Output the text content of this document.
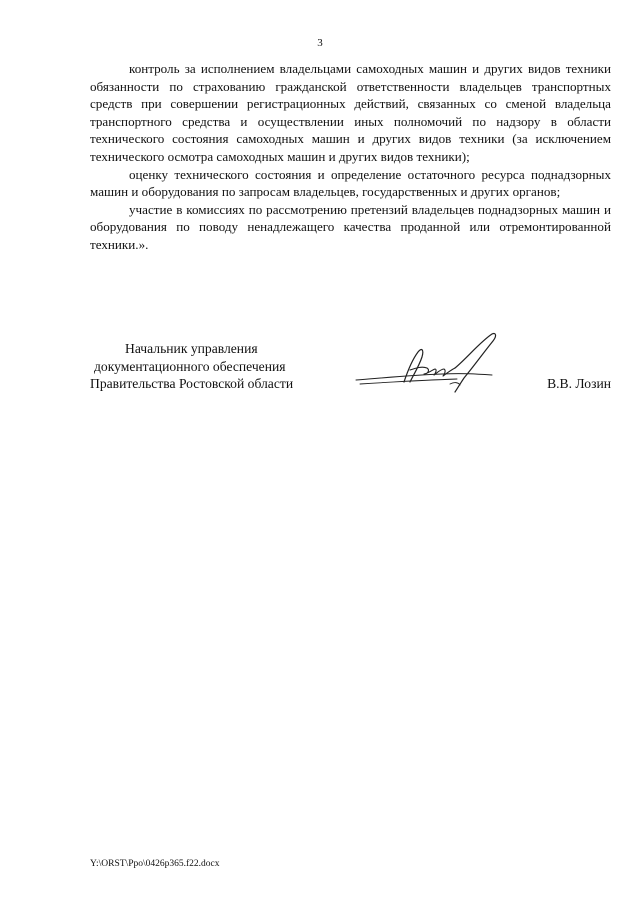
3

контроль за исполнением владельцами самоходных машин и других видов техники обязанности по страхованию гражданской ответственности владельцев транспортных средств при совершении регистрационных действий, связанных со сменой владельца транспортного средства и осуществлении иных полномочий по надзору в области технического состояния самоходных машин и других видов техники (за исключением технического осмотра самоходных машин и других видов техники);

оценку технического состояния и определение остаточного ресурса поднадзорных машин и оборудования по запросам владельцев, государственных и других органов;

участие в комиссиях по рассмотрению претензий владельцев поднадзорных машин и оборудования по поводу ненадлежащего качества проданной или отремонтированной техники.».

Начальник управления
документационного обеспечения
Правительства Ростовской области	В.В. Лозин
Y:\ORST\Ppo\0426p365.f22.docx
